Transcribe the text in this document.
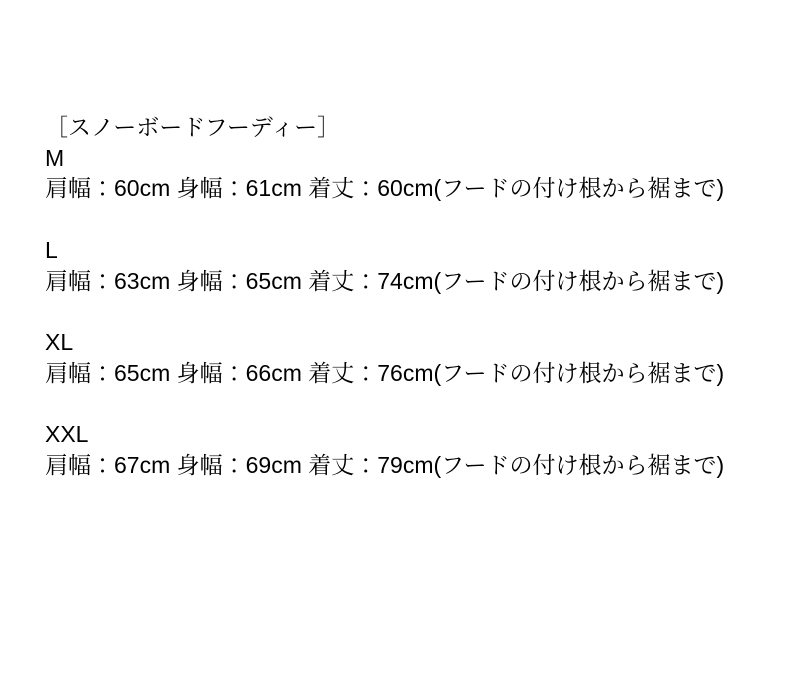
［スノーボードフーディー］

M

肩幅：60cm 身幅：61cm 着丈：60cm(フードの付け根から裾まで)

L

肩幅：63cm 身幅：65cm 着丈：74cm(フードの付け根から裾まで)

XL

肩幅：65cm 身幅：66cm 着丈：76cm(フードの付け根から裾まで)

XXL

肩幅：67cm 身幅：69cm 着丈：79cm(フードの付け根から裾まで)
